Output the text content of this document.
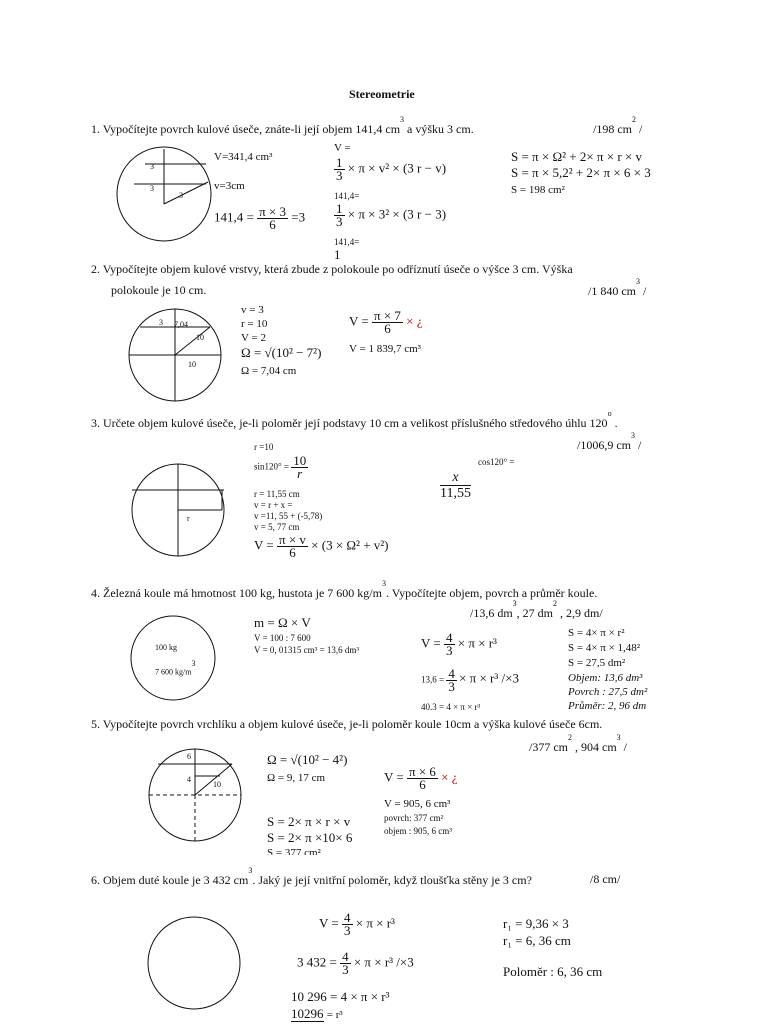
Stereometrie
1. Vypočítejte povrch kulové úseče, znáte-li její objem 141,4 $cm^3$ a výšku 3 cm.	/198 $cm^2$ /
3
3
3
V=341,4 cm³
v=3cm
$141,4 = \frac{\pi \times 3}{6} =3$
V =
$\frac{1}{3} \times \pi \times v^2 \times (3$ r − v)
141,4=
$\frac{1}{3} \times \pi \times 3^2 \times (3$ r − 3)
141,4=
1
S = π × Ω² + 2× π × r × v
S = π × 5,2² + 2× π × 6 × 3
S = 198 cm²
2. Vypočítejte objem kulové vrstvy, která zbude z polokoule po odříznutí úseče o výšce 3 cm. Výška
polokoule je 10 cm.	/1 840 $cm^3$ /
3 7,04
10
10
v = 3
r = 10
V = 2
Ω = √(10² − 7²)
Ω = 7,04 cm
$V = \frac{\pi \times 7}{6}$ × ¿
V = 1 839,7 cm³
3. Určete objem kulové úseče, je-li poloměr její podstavy 10 cm a velikost příslušného středového úhlu 120$^o$ .
/1006,9 $cm^3$ /
r
r =10
$\sin 120^\circ = \frac{10}{r}$
r = 11,55 cm
v = r + x =
v =11, 55 + (-5,78)
v = 5, 77 cm
$V = \frac{\pi \times v}{6} \times (3 \times \Omega^2 + v^2)$
cos120° =
$\frac{x}{11,55}$
4. Železná koule má hmotnost 100 kg, hustota je 7 600 $kg/m^3$. Vypočítejte objem, povrch a průměr koule.
/13,6 $dm^3$, 27 $dm^2$ , 2,9 dm/
100 kg
7 600 $kg/m^3$
m = Ω × V
V = 100 : 7 600
V = 0, 01315 cm³ = 13,6 dm³	$V = \frac{4}{3} \times \pi \times r^3$
$13,6 = \frac{4}{3} \times \pi \times r^3$ /×3
40.3 = 4 × π × r³
S = 4× π × r²
S = 4× π × 1,48²
S = 27,5 dm²
Objem: 13,6 dm³
Povrch : 27,5 dm²
Průměr: 2, 96 dm
5. Vypočítejte povrch vrchlíku a objem kulové úseče, je-li poloměr koule 10cm a výška kulové úseče 6cm.
/377 $cm^2$ , 904 $cm^3$ /
6
4
10
Ω = √(10² − 4²)
Ω = 9, 17 cm
S = 2× π × r × v
S = 2× π ×10× 6
S = 377 cm²
$V = \frac{\pi \times 6}{6}$ × ¿
V = 905, 6 cm³
povrch: 377 cm²
objem : 905, 6 cm³
6. Objem duté koule je 3 432 $cm^3$. Jaký je její vnitřní poloměr, když tloušťka stěny je 3 cm?	/8 cm/
$V = \frac{4}{3} \times \pi \times r^3$
3 $432 = \frac{4}{3} \times \pi \times r^3$ /×3
10 296 = 4 × π × r³
10296 = r³
r₁ = 9,36 × 3
r₁ = 6, 36 cm
Poloměr : 6, 36 cm
